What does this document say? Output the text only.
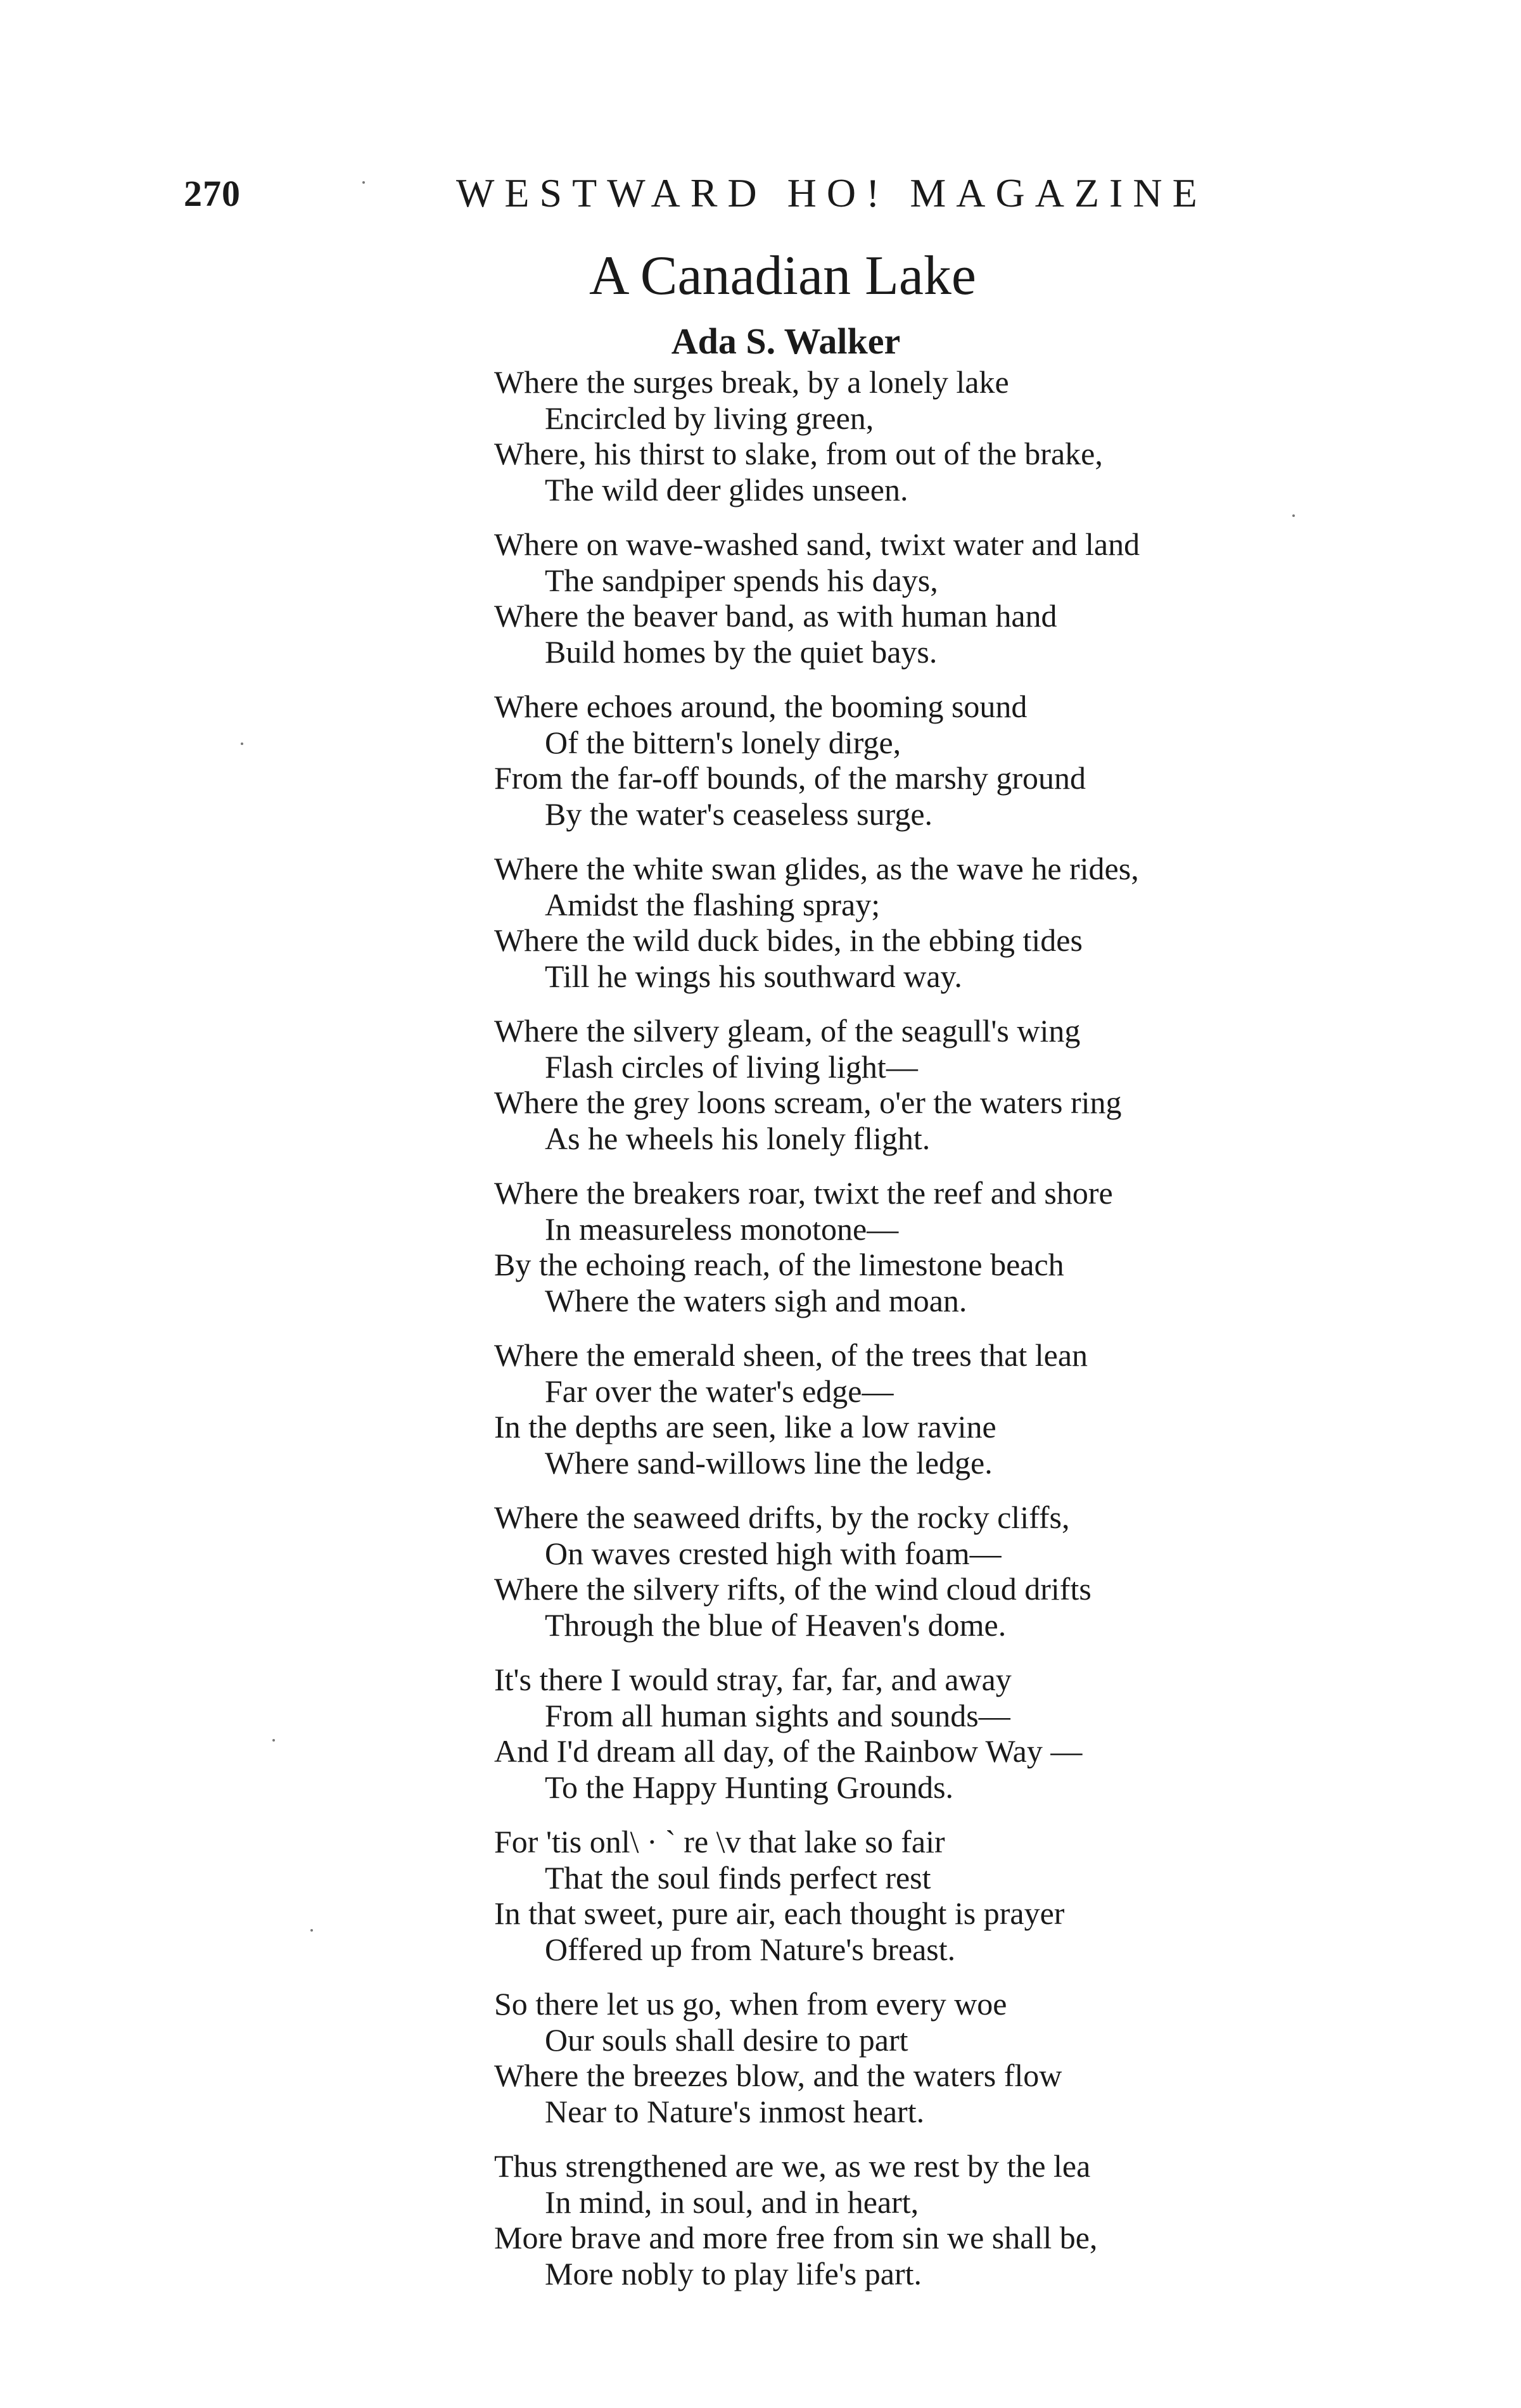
270	WESTWARD HO! MAGAZINE
A Canadian Lake
Ada S. Walker
Where the surges break, by a lonely lake
Encircled by living green,
Where, his thirst to slake, from out of the brake,
The wild deer glides unseen.
Where on wave-washed sand, twixt water and land
The sandpiper spends his days,
Where the beaver band, as with human hand
Build homes by the quiet bays.
Where echoes around, the booming sound
Of the bittern's lonely dirge,
From the far-off bounds, of the marshy ground
By the water's ceaseless surge.
Where the white swan glides, as the wave he rides,
Amidst the flashing spray;
Where the wild duck bides, in the ebbing tides
Till he wings his southward way.
Where the silvery gleam, of the seagull's wing
Flash circles of living light—
Where the grey loons scream, o'er the waters ring
As he wheels his lonely flight.
Where the breakers roar, twixt the reef and shore
In measureless monotone—
By the echoing reach, of the limestone beach
Where the waters sigh and moan.
Where the emerald sheen, of the trees that lean
Far over the water's edge—
In the depths are seen, like a low ravine
Where sand-willows line the ledge.
Where the seaweed drifts, by the rocky cliffs,
On waves crested high with foam—
Where the silvery rifts, of the wind cloud drifts
Through the blue of Heaven's dome.
It's there I would stray, far, far, and away
From all human sights and sounds—
And I'd dream all day, of the Rainbow Way —
To the Happy Hunting Grounds.
For 'tis onl\ · ˋ re \v that lake so fair
That the soul finds perfect rest
In that sweet, pure air, each thought is prayer
Offered up from Nature's breast.
So there let us go, when from every woe
Our souls shall desire to part
Where the breezes blow, and the waters flow
Near to Nature's inmost heart.
Thus strengthened are we, as we rest by the lea
In mind, in soul, and in heart,
More brave and more free from sin we shall be,
More nobly to play life's part.
